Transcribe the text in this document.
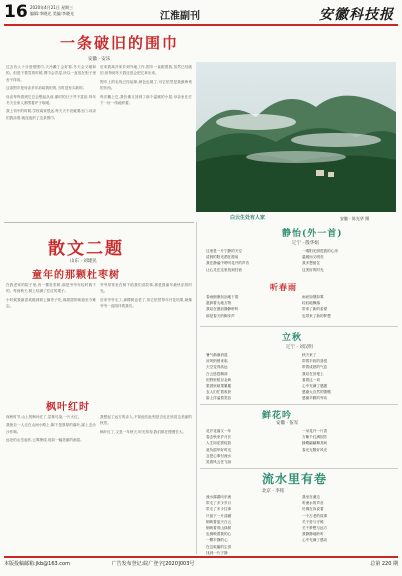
16 2020年4月21日 星期三
编辑:李晓光 美编:李晓光	江淮副刊	安徽科技报
一条破旧的围巾
安徽 · 安乐

过去有人十分爱惜围巾,天冷戴了会好看,冬天会又暖和的。但是下着雪的时候,围巾会弄湿,所以一直放在柜子里舍不得用。

这条围巾是母亲多年前给我织的,当时没有买新的。

母亲每每看到它总会想起从前,那时的日子并不富裕,每年冬天全家人都围着炉子取暖。

我上初中的时候,学校离家很远,每天天不亮就要出门,母亲怕我冻着,就连夜织了这条围巾。

后来我离开家乡到外地工作,围巾一直跟着我,虽然已经破旧,但每到冬天我还是会把它拿出来。

围巾上的毛线已经起球,颜色也褪了,可它依然是我最珍贵的东西。

每次戴上它,我仿佛又回到了那个温暖的小屋,母亲坐在灯下一针一线地织着。

白云生处有人家	安徽 · 陈光华 摄
静怡(外一首)
辽宁 · 殷华娟
这里是一片宁静的天空
清晨的阳光洒在窗前
我在静谧中聆听花开的声音
让心灵在这里找到归宿
一缕阳光照进我的心房
温暖而又明亮
我多想留住
这美好的时光
听春雨
春雨淅淅沥沥地下着
滋润着大地万物
我站在窗前静静聆听
那是春天的脚步声
雨丝如烟如雾
轻轻地飘落
带来了新的希望
也带来了新的梦想
立秋
辽宁 · 刘汉明
暑气渐渐消退
凉风悄悄来临
天空变得高远
白云悠悠飘荡
田野里稻谷金黄
果园里硕果累累
农人们忙着收获
脸上洋溢着笑容
秋天来了
带着丰收的喜悦
带着成熟的气息
我站在田埂上
看着这一切
心中充满了感激
感谢大自然的馈赠
感谢辛勤的劳动
鲜花吟
安徽 · 伍军
花开花落又一年
春去秋来岁月长
人生如花需绽放
莫负韶华好时光
且把心事付流水
笑看风云任飞扬
一朵花开一片香
万紫千红满园芳
蜂蝶翩翩舞其间
春光无限好风光
流水里有卷
北京 · 李铭
流水潺潺向东流
带走了多少岁月
带走了多少往事
只留下一片清澈
倒映着蓝天白云
倒映着青山绿树
也倒映着我的心
一颗平静的心
在这喧嚣的尘世
找到一片宁静
我坐在溪边
听流水的声音
仿佛在诉说着
一个古老的故事
关于爱与守候
关于梦想与远方
我静静地聆听
心中充满了感动
散文二题
山东 · 刘建民
童年的那颗杜枣树

在我老家的院子里,有一棵杜枣树,那是爷爷年轻时栽下的。每到秋天,树上结满了红红的果子。

小时候我最喜欢爬到树上摘枣子吃,那甜甜的味道至今难忘。

爷爷常常坐在树下给我们讲故事,那是我童年最快乐的时光。

后来爷爷走了,那棵树也老了,但它依然每年开花结果,就像爷爷一直陪伴着我们。

枫叶红时

深秋时节,山上的枫叶红了,层林尽染,一片火红。

我独自一人走在山间小路上,脚下是厚厚的落叶,踩上去沙沙作响。

远处的山峦起伏,云雾缭绕,宛如一幅美丽的画卷。

我想起了远方的亲人,不知他们此刻是否也在欣赏这美丽的秋景。

枫叶红了,又是一年秋天,时光匆匆,我们都在慢慢长大。

本版投稿邮箱:jkb@163.com	广告发布登记:皖广登字[2020]003号	总第 220 期
